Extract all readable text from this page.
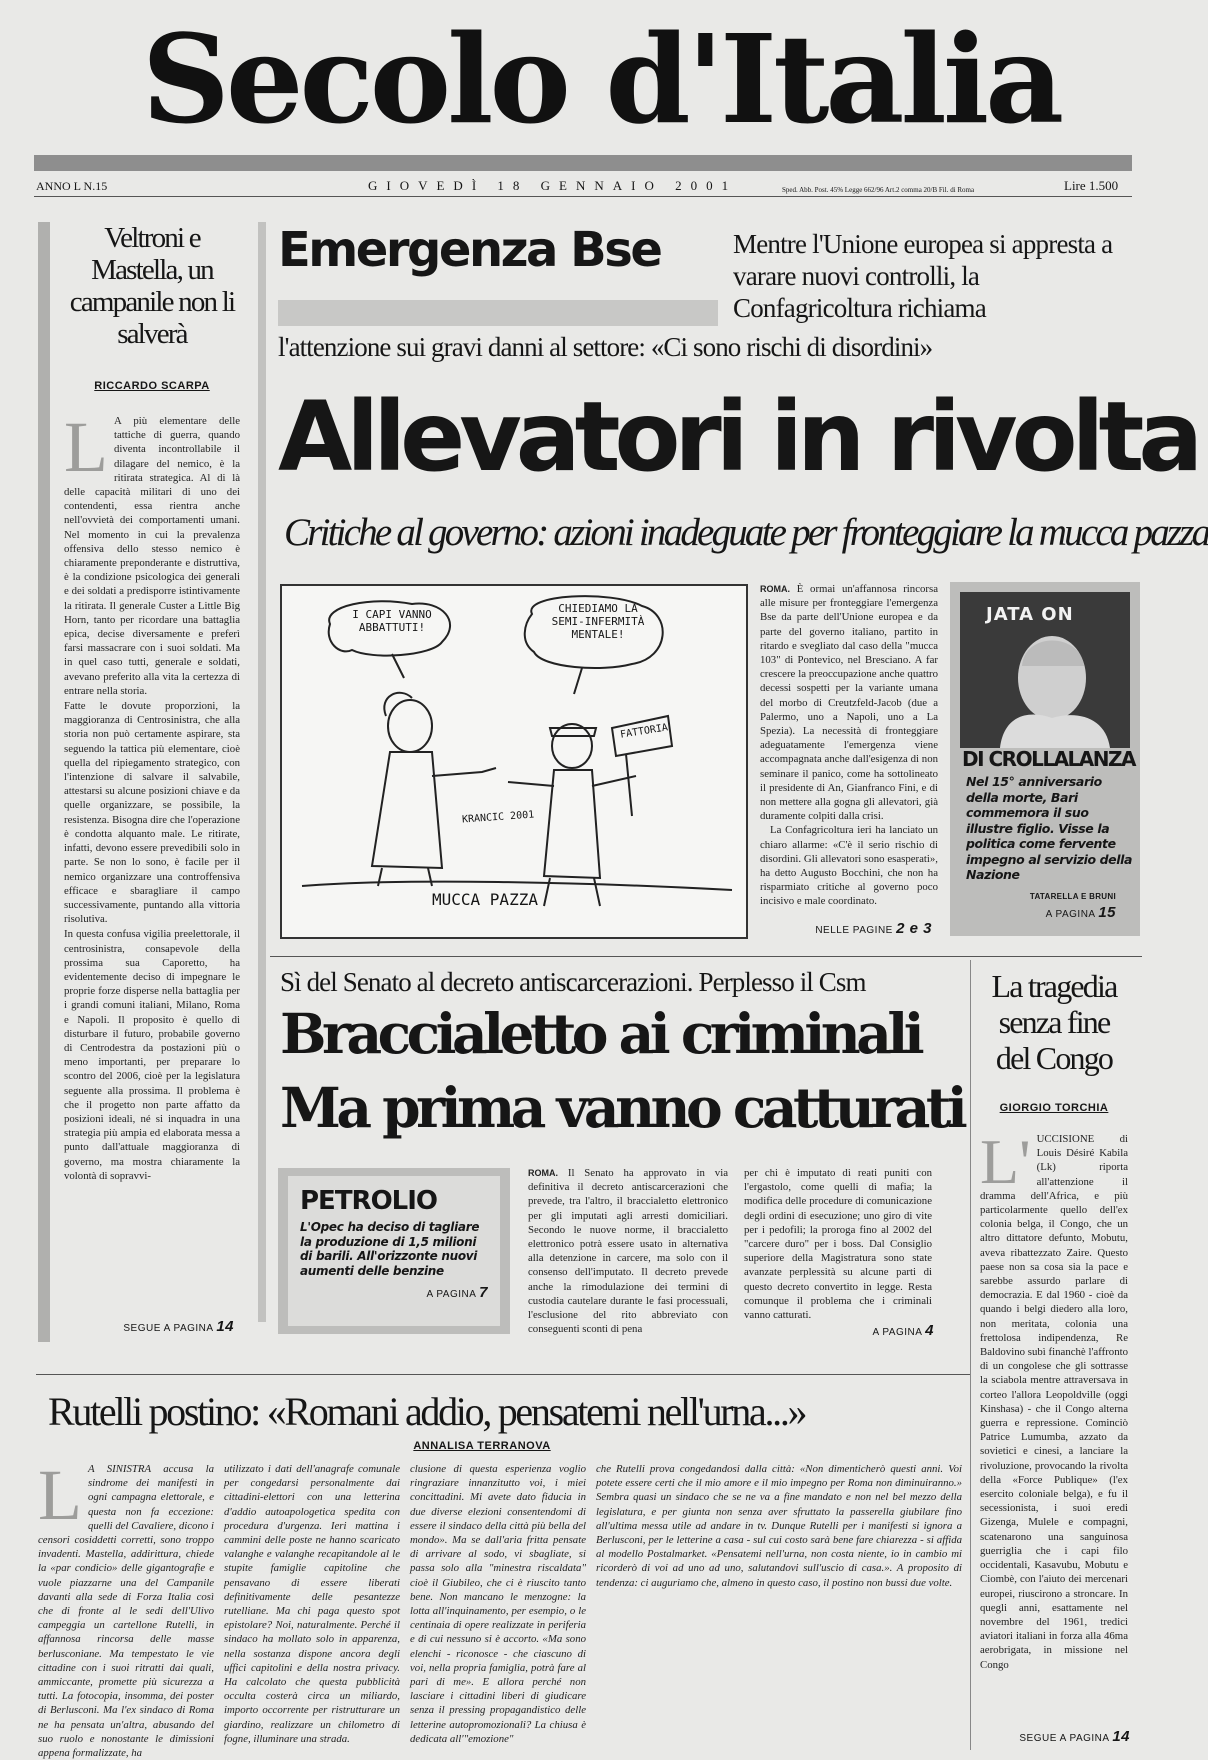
Secolo d'Italia
ANNO L N.15	GIOVEDÌ 18 GENNAIO 2001	Sped. Abb. Post. 45% Legge 662/96 Art.2 comma 20/B Fil. di Roma	Lire 1.500
Veltroni e Mastella, un campanile non li salverà
RICCARDO SCARPA
L A più elementare delle tattiche di guerra, quando diventa incontrollabile il dilagare del nemico, è la ritirata strategica. Al di là delle capacità militari di uno dei contendenti, essa rientra anche nell'ovvietà dei comportamenti umani. Nel momento in cui la prevalenza offensiva dello stesso nemico è chiaramente preponderante e distruttiva, è la condizione psicologica dei generali e dei soldati a predisporre istintivamente la ritirata. Il generale Custer a Little Big Horn, tanto per ricordare una battaglia epica, decise diversamente e preferì farsi massacrare con i suoi soldati. Ma in quel caso tutti, generale e soldati, avevano preferito alla vita la certezza di entrare nella storia.

Fatte le dovute proporzioni, la maggioranza di Centrosinistra, che alla storia non può certamente aspirare, sta seguendo la tattica più elementare, cioè quella del ripiegamento strategico, con l'intenzione di salvare il salvabile, attestarsi su alcune posizioni chiave e da quelle organizzare, se possibile, la resistenza. Bisogna dire che l'operazione è condotta alquanto male. Le ritirate, infatti, devono essere prevedibili solo in parte. Se non lo sono, è facile per il nemico organizzare una controffensiva efficace e sbaragliare il campo successivamente, puntando alla vittoria risolutiva.

In questa confusa vigilia preelettorale, il centrosinistra, consapevole della prossima sua Caporetto, ha evidentemente deciso di impegnare le proprie forze disperse nella battaglia per i grandi comuni italiani, Milano, Roma e Napoli. Il proposito è quello di disturbare il futuro, probabile governo di Centrodestra da postazioni più o meno importanti, per preparare lo scontro del 2006, cioè per la legislatura seguente alla prossima. Il problema è che il progetto non parte affatto da posizioni ideali, né si inquadra in una strategia più ampia ed elaborata messa a punto dall'attuale maggioranza di governo, ma mostra chiaramente la volontà di sopravvi-

SEGUE A PAGINA 14
Emergenza Bse	Mentre l'Unione europea si appresta a varare nuovi controlli, la Confagricoltura richiama
l'attenzione sui gravi danni al settore: «Ci sono rischi di disordini»
Allevatori in rivolta
Critiche al governo: azioni inadeguate per fronteggiare la mucca pazza
I CAPI VANNO ABBATTUTI!
CHIEDIAMO LA SEMI-INFERMITÀ MENTALE!
FATTORIA
KRANCIC 2001
MUCCA PAZZA
ROMA. È ormai un'affannosa rincorsa alle misure per fronteggiare l'emergenza Bse da parte dell'Unione europea e da parte del governo italiano, partito in ritardo e svegliato dal caso della "mucca 103" di Pontevico, nel Bresciano. A far crescere la preoccupazione anche quattro decessi sospetti per la variante umana del morbo di Creutzfeld-Jacob (due a Palermo, uno a Napoli, uno a La Spezia). La necessità di fronteggiare adeguatamente l'emergenza viene accompagnata anche dall'esigenza di non seminare il panico, come ha sottolineato il presidente di An, Gianfranco Fini, e di non mettere alla gogna gli allevatori, già duramente colpiti dalla crisi.

La Confagricoltura ieri ha lanciato un chiaro allarme: «C'è il serio rischio di disordini. Gli allevatori sono esasperati», ha detto Augusto Bocchini, che non ha risparmiato critiche al governo poco incisivo e male coordinato.

NELLE PAGINE 2 e 3
JATA ON
DI CROLLALANZA
Nel 15° anniversario della morte, Bari commemora il suo illustre figlio. Visse la politica come fervente impegno al servizio della Nazione
TATARELLA E BRUNI
A PAGINA 15
Sì del Senato al decreto antiscarcerazioni. Perplesso il Csm
Braccialetto ai criminali
Ma prima vanno catturati
PETROLIO
L'Opec ha deciso di tagliare la produzione di 1,5 milioni di barili. All'orizzonte nuovi aumenti delle benzine
A PAGINA 7
ROMA. Il Senato ha approvato in via definitiva il decreto antiscarcerazioni che prevede, tra l'altro, il braccialetto elettronico per gli imputati agli arresti domiciliari. Secondo le nuove norme, il braccialetto elettronico potrà essere usato in alternativa alla detenzione in carcere, ma solo con il consenso dell'imputato. Il decreto prevede anche la rimodulazione dei termini di custodia cautelare durante le fasi processuali, l'esclusione del rito abbreviato con conseguenti sconti di pena
per chi è imputato di reati puniti con l'ergastolo, come quelli di mafia; la modifica delle procedure di comunicazione degli ordini di esecuzione; uno giro di vite per i pedofili; la proroga fino al 2002 del "carcere duro" per i boss. Dal Consiglio superiore della Magistratura sono state avanzate perplessità su alcune parti di questo decreto convertito in legge. Resta comunque il problema che i criminali vanno catturati.
A PAGINA 4
La tragedia senza fine del Congo
GIORGIO TORCHIA
L' UCCISIONE di Louis Désiré Kabila (Lk) riporta all'attenzione il dramma dell'Africa, e più particolarmente quello dell'ex colonia belga, il Congo, che un altro dittatore defunto, Mobutu, aveva ribattezzato Zaire. Questo paese non sa cosa sia la pace e sarebbe assurdo parlare di democrazia. E dal 1960 - cioè da quando i belgi diedero alla loro, non meritata, colonia una frettolosa indipendenza, Re Baldovino subì financhè l'affronto di un congolese che gli sottrasse la sciabola mentre attraversava in corteo l'allora Leopoldville (oggi Kinshasa) - che il Congo alterna guerra e repressione. Cominciò Patrice Lumumba, azzato da sovietici e cinesi, a lanciare la rivoluzione, provocando la rivolta della «Force Publique» (l'ex esercito coloniale belga), e fu il secessionista, i suoi eredi Gizenga, Mulele e compagni, scatenarono una sanguinosa guerriglia che i capi filo occidentali, Kasavubu, Mobutu e Ciombè, con l'aiuto dei mercenari europei, riuscirono a stroncare. In quegli anni, esattamente nel novembre del 1961, tredici aviatori italiani in forza alla 46ma aerobrigata, in missione nel Congo
SEGUE A PAGINA 14
Rutelli postino: «Romani addio, pensatemi nell'urna...»
ANNALISA TERRANOVA
L A SINISTRA accusa la sindrome dei manifesti in ogni campagna elettorale, e questa non fa eccezione: quelli del Cavaliere, dicono i censori cosiddetti corretti, sono troppo invadenti. Mastella, addirittura, chiede la «par condicio» delle gigantografie e vuole piazzarne una del Campanile davanti alla sede di Forza Italia così che di fronte al le sedi dell'Ulivo campeggia un cartellone Rutelli, in affannosa rincorsa delle masse berlusconiane. Ma tempestato le vie cittadine con i suoi ritratti dai quali, ammiccante, promette più sicurezza a tutti. La fotocopia, insomma, dei poster di Berlusconi. Ma l'ex sindaco di Roma ne ha pensata un'altra, abusando del suo ruolo e nonostante le dimissioni appena formalizzate, ha
utilizzato i dati dell'anagrafe comunale per congedarsi personalmente dai cittadini-elettori con una letterina d'addio autoapologetica spedita con procedura d'urgenza. Ieri mattina i cammini delle poste ne hanno scaricato valanghe e valanghe recapitandole al le stupite famiglie capitoline che pensavano di essere liberati definitivamente delle pesantezze rutelliane. Ma chi paga questo spot epistolare? Noi, naturalmente. Perché il sindaco ha mollato solo in apparenza, nella sostanza dispone ancora degli uffici capitolini e della nostra privacy. Ha calcolato che questa pubblicità occulta costerà circa un miliardo, importo occorrente per ristrutturare un giardino, realizzare un chilometro di fogne, illuminare una strada.
clusione di questa esperienza voglio ringraziare innanzitutto voi, i miei concittadini. Mi avete dato fiducia in due diverse elezioni consentendomi di essere il sindaco della città più bella del mondo». Ma se dall'aria fritta pensate di arrivare al sodo, vi sbagliate, si passa solo alla "minestra riscaldata" cioè il Giubileo, che ci è riuscito tanto bene. Non mancano le menzogne: la lotta all'inquinamento, per esempio, o le centinaia di opere realizzate in periferia e di cui nessuno si è accorto. «Ma sono elenchi - riconosce - che ciascuno di voi, nella propria famiglia, potrà fare al pari di me». E allora perché non lasciare i cittadini liberi di giudicare senza il pressing propagandistico delle letterine autopromozionali? La chiusa è dedicata all'"emozione"
che Rutelli prova congedandosi dalla città: «Non dimenticherò questi anni. Voi potete essere certi che il mio amore e il mio impegno per Roma non diminuiranno.» Sembra quasi un sindaco che se ne va a fine mandato e non nel bel mezzo della legislatura, e per giunta non senza aver sfruttato la passerella giubilare fino all'ultima messa utile ad andare in tv. Dunque Rutelli per i manifesti si ignora a Berlusconi, per le letterine a casa - sul cui costo sarà bene fare chiarezza - si affida al modello Postalmarket. «Pensatemi nell'urna, non costa niente, io in cambio mi ricorderò di voi ad uno ad uno, salutandovi sull'uscio di casa.». A proposito di tendenza: ci auguriamo che, almeno in questo caso, il postino non bussi due volte.
